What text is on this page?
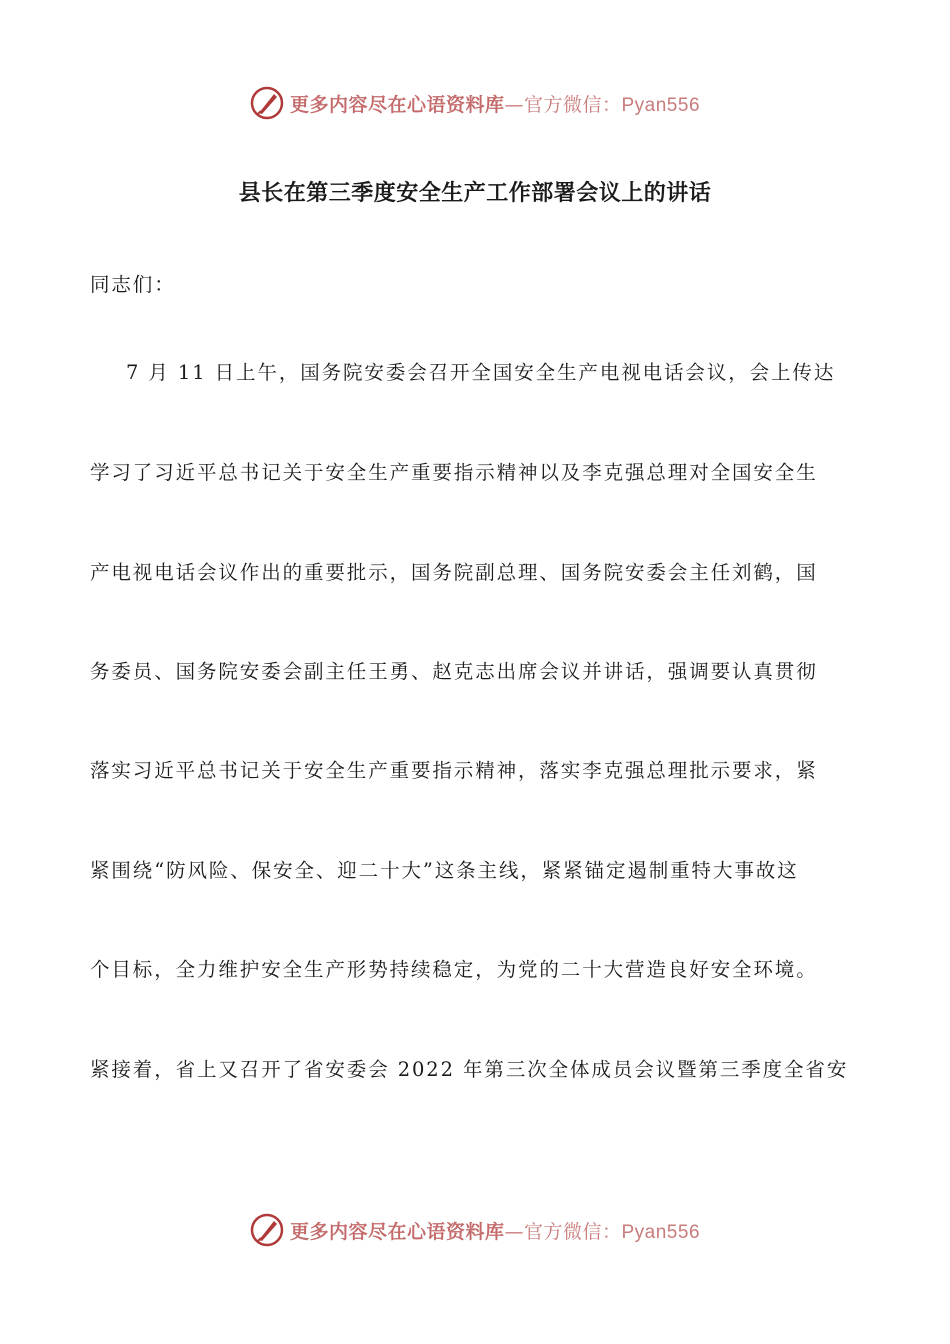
更多内容尽在心语资料库—官方微信：Pyan556
县长在第三季度安全生产工作部署会议上的讲话

同志们：

7 月 11 日上午，国务院安委会召开全国安全生产电视电话会议，会上传达

学习了习近平总书记关于安全生产重要指示精神以及李克强总理对全国安全生

产电视电话会议作出的重要批示，国务院副总理、国务院安委会主任刘鹤，国

务委员、国务院安委会副主任王勇、赵克志出席会议并讲话，强调要认真贯彻

落实习近平总书记关于安全生产重要指示精神，落实李克强总理批示要求，紧

紧围绕“防风险、保安全、迎二十大”这条主线，紧紧锚定遏制重特大事故这

个目标，全力维护安全生产形势持续稳定，为党的二十大营造良好安全环境。

紧接着，省上又召开了省安委会 2022 年第三次全体成员会议暨第三季度全省安

更多内容尽在心语资料库—官方微信：Pyan556
